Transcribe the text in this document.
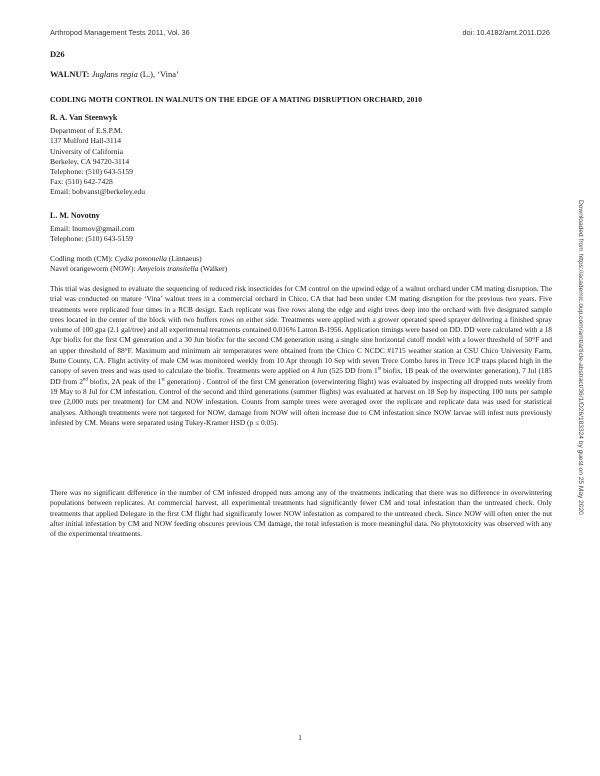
Arthropod Management Tests 2011, Vol. 36	doi: 10.4182/amt.2011.D26
D26
WALNUT: Juglans regia (L.), ‘Vina’
CODLING MOTH CONTROL IN WALNUTS ON THE EDGE OF A MATING DISRUPTION ORCHARD, 2010
R. A. Van Steenwyk
Department of E.S.P.M.
137 Mulford Hall-3114
University of California
Berkeley, CA 94720-3114
Telephone: (510) 643-5159
Fax: (510) 642-7428
Email: bobvanst@berkeley.edu
L. M. Novotny
Email: lnumov@gmail.com
Telephone: (510) 643-5159
Codling moth (CM): Cydia pomonella (Linnaeus)
Navel orangeworm (NOW): Amyelois transitella (Walker)
This trial was designed to evaluate the sequencing of reduced risk insecticides for CM control on the upwind edge of a walnut orchard under CM mating disruption. The trial was conducted on mature ‘Vina’ walnut trees in a commercial orchard in Chico, CA that had been under CM mating disruption for the previous two years. Five treatments were replicated four times in a RCB design. Each replicate was five rows along the edge and eight trees deep into the orchard with five designated sample trees located in the center of the block with two buffers rows on either side. Treatments were applied with a grower operated speed sprayer delivering a finished spray volume of 100 gpa (2.1 gal/tree) and all experimental treatments contained 0.016% Latron B-1956. Application timings were based on DD. DD were calculated with a 18 Apr biofix for the first CM generation and a 30 Jun biofix for the second CM generation using a single sine horizontal cutoff model with a lower threshold of 50°F and an upper threshold of 88°F. Maximum and minimum air temperatures were obtained from the Chico C NCDC #1715 weather station at CSU Chico University Farm, Butte County, CA. Flight activity of male CM was monitored weekly from 10 Apr through 10 Sep with seven Trece Combo lures in Trece 1CP traps placed high in the canopy of seven trees and was used to calculate the biofix. Treatments were applied on 4 Jun (525 DD from 1st biofix, 1B peak of the overwinter generation), 7 Jul (185 DD from 2nd biofix, 2A peak of the 1st generation) . Control of the first CM generation (overwintering flight) was evaluated by inspecting all dropped nuts weekly from 19 May to 8 Jul for CM infestation. Control of the second and third generations (summer flights) was evaluated at harvest on 18 Sep by inspecting 100 nuts per sample tree (2,000 nuts per treatment) for CM and NOW infestation. Counts from sample trees were averaged over the replicate and replicate data was used for statistical analyses. Although treatments were not targeted for NOW, damage from NOW will often increase due to CM infestation since NOW larvae will infest nuts previously infested by CM. Means were separated using Tukey-Kramer HSD (p ≤ 0.05).
There was no significant difference in the number of CM infested dropped nuts among any of the treatments indicating that there was no difference in overwintering populations between replicates. At commercial harvest, all experimental treatments had significantly fewer CM and total infestation than the untreated check. Only treatments that applied Delegate in the first CM flight had significantly lower NOW infestation as compared to the untreated check. Since NOW will often enter the nut after initial infestation by CM and NOW feeding obscures previous CM damage, the total infestation is more meaningful data. No phytotoxicity was observed with any of the experimental treatments.
Downloaded from https://academic.oup.com/amt/article-abstract/36/1/D26/183324 by guest on 25 May 2020
1
